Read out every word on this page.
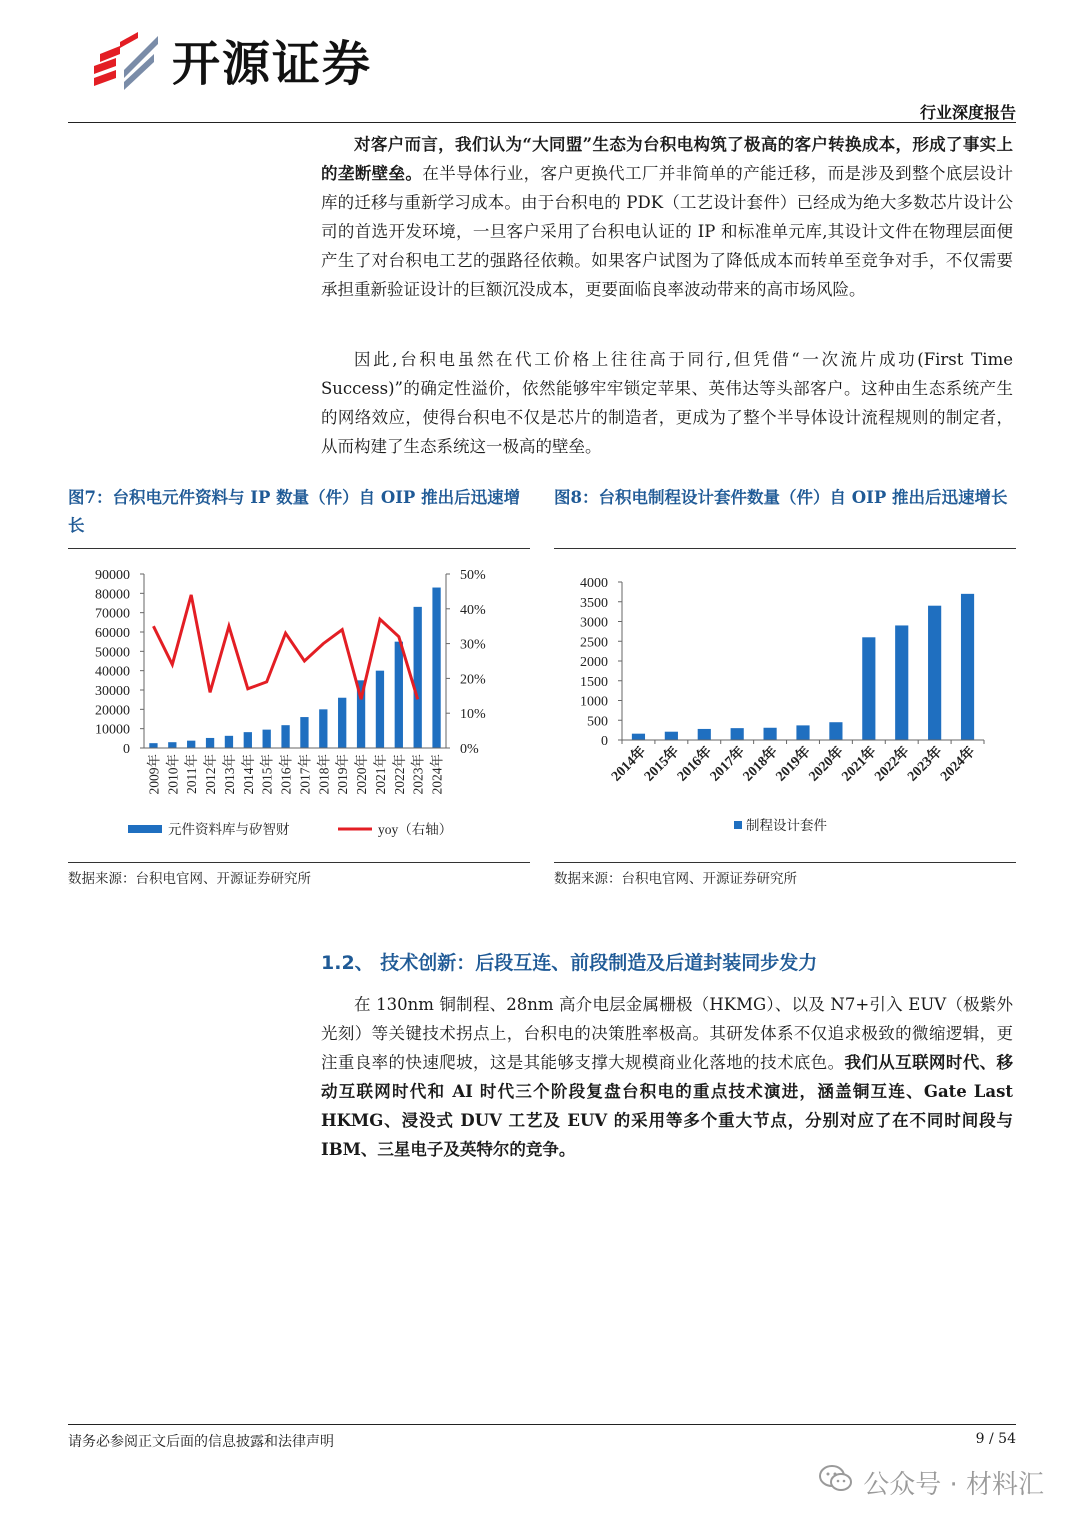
开源证券
行业深度报告
对客户而言，我们认为“大同盟”生态为台积电构筑了极高的客户转换成本，形成了事实上的垄断壁垒。在半导体行业，客户更换代工厂并非简单的产能迁移，而是涉及到整个底层设计库的迁移与重新学习成本。由于台积电的 PDK（工艺设计套件）已经成为绝大多数芯片设计公司的首选开发环境，一旦客户采用了台积电认证的 IP 和标准单元库,其设计文件在物理层面便产生了对台积电工艺的强路径依赖。如果客户试图为了降低成本而转单至竞争对手，不仅需要承担重新验证设计的巨额沉没成本，更要面临良率波动带来的高市场风险。
因此,台积电虽然在代工价格上往往高于同行,但凭借“一次流片成功(First Time Success)”的确定性溢价，依然能够牢牢锁定苹果、英伟达等头部客户。这种由生态系统产生的网络效应，使得台积电不仅是芯片的制造者，更成为了整个半导体设计流程规则的制定者，从而构建了生态系统这一极高的壁垒。
图7：台积电元件资料与 IP 数量（件）自 OIP 推出后迅速增长
90000
80000
70000
60000
50000
40000
30000
20000
10000
0
50%
40%
30%
20%
10%
0%
2009年 2010年 2011年 2012年 2013年 2014年 2015年 2016年 2017年 2018年 2019年 2020年 2021年 2022年 2023年 2024年
元件资料库与矽智财	yoy（右轴）
数据来源：台积电官网、开源证券研究所
图8：台积电制程设计套件数量（件）自 OIP 推出后迅速增长
4000
3500
3000
2500
2000
1500
1000
500
0
2014年
2015年
2016年
2017年
2018年
2019年
2020年
2021年
2022年
2023年
2024年
制程设计套件
数据来源：台积电官网、开源证券研究所
1.2、 技术创新：后段互连、前段制造及后道封装同步发力
在 130nm 铜制程、28nm 高介电层金属栅极（HKMG）、以及 N7+引入 EUV（极紫外光刻）等关键技术拐点上，台积电的决策胜率极高。其研发体系不仅追求极致的微缩逻辑，更注重良率的快速爬坡，这是其能够支撑大规模商业化落地的技术底色。我们从互联网时代、移动互联网时代和 AI 时代三个阶段复盘台积电的重点技术演进，涵盖铜互连、Gate Last HKMG、浸没式 DUV 工艺及 EUV 的采用等多个重大节点，分别对应了在不同时间段与 IBM、三星电子及英特尔的竞争。
请务必参阅正文后面的信息披露和法律声明	9 / 54
公众号 · 材料汇
